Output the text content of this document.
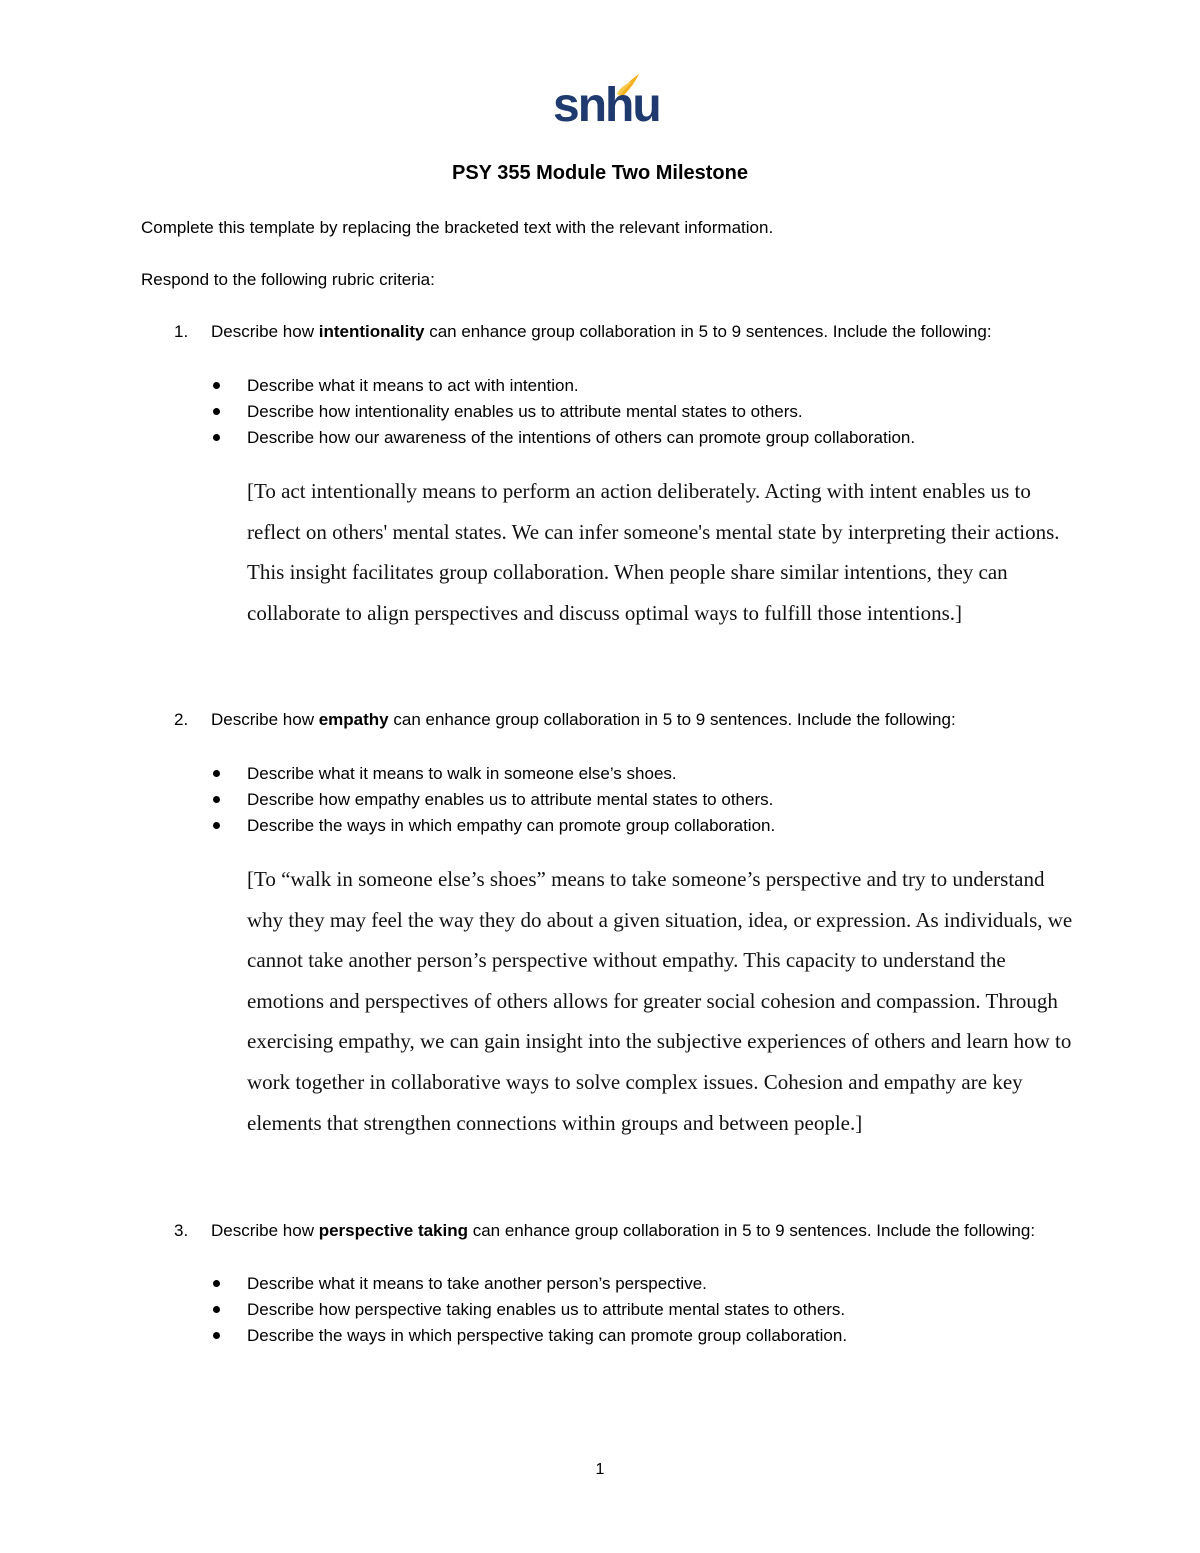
snhu
PSY 355 Module Two Milestone
Complete this template by replacing the bracketed text with the relevant information.
Respond to the following rubric criteria:
1. Describe how intentionality can enhance group collaboration in 5 to 9 sentences. Include the following:
Describe what it means to act with intention.
Describe how intentionality enables us to attribute mental states to others.
Describe how our awareness of the intentions of others can promote group collaboration.
[To act intentionally means to perform an action deliberately. Acting with intent enables us to reflect on others' mental states. We can infer someone's mental state by interpreting their actions. This insight facilitates group collaboration. When people share similar intentions, they can collaborate to align perspectives and discuss optimal ways to fulfill those intentions.]
2. Describe how empathy can enhance group collaboration in 5 to 9 sentences. Include the following:
Describe what it means to walk in someone else’s shoes.
Describe how empathy enables us to attribute mental states to others.
Describe the ways in which empathy can promote group collaboration.
[To “walk in someone else’s shoes” means to take someone’s perspective and try to understand why they may feel the way they do about a given situation, idea, or expression. As individuals, we cannot take another person’s perspective without empathy. This capacity to understand the emotions and perspectives of others allows for greater social cohesion and compassion. Through exercising empathy, we can gain insight into the subjective experiences of others and learn how to work together in collaborative ways to solve complex issues. Cohesion and empathy are key elements that strengthen connections within groups and between people.]
3. Describe how perspective taking can enhance group collaboration in 5 to 9 sentences. Include the following:
Describe what it means to take another person’s perspective.
Describe how perspective taking enables us to attribute mental states to others.
Describe the ways in which perspective taking can promote group collaboration.
1
